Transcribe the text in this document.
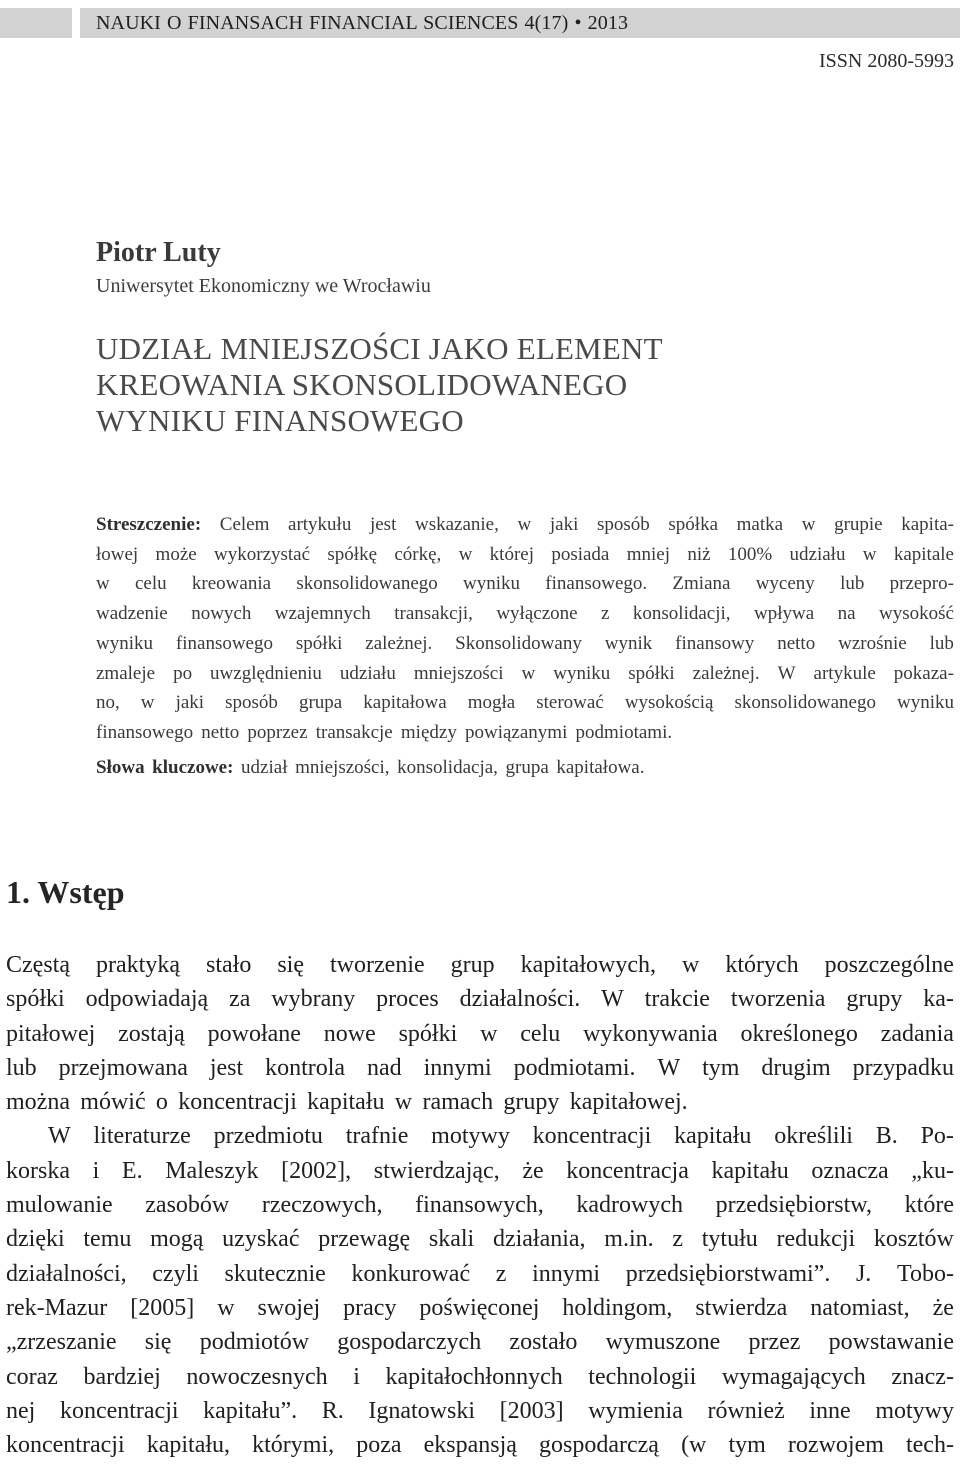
NAUKI O FINANSACH FINANCIAL SCIENCES 4(17) • 2013
ISSN 2080-5993
Piotr Luty
Uniwersytet Ekonomiczny we Wrocławiu
UDZIAŁ MNIEJSZOŚCI JAKO ELEMENT
KREOWANIA SKONSOLIDOWANEGO
WYNIKU FINANSOWEGO
Streszczenie: Celem artykułu jest wskazanie, w jaki sposób spółka matka w grupie kapita-
łowej może wykorzystać spółkę córkę, w której posiada mniej niż 100% udziału w kapitale
w celu kreowania skonsolidowanego wyniku finansowego. Zmiana wyceny lub przepro-
wadzenie nowych wzajemnych transakcji, wyłączone z konsolidacji, wpływa na wysokość
wyniku finansowego spółki zależnej. Skonsolidowany wynik finansowy netto wzrośnie lub
zmaleje po uwzględnieniu udziału mniejszości w wyniku spółki zależnej. W artykule pokaza-
no, w jaki sposób grupa kapitałowa mogła sterować wysokością skonsolidowanego wyniku
finansowego netto poprzez transakcje między powiązanymi podmiotami.
Słowa kluczowe: udział mniejszości, konsolidacja, grupa kapitałowa.
1. Wstęp
Częstą praktyką stało się tworzenie grup kapitałowych, w których poszczególne
spółki odpowiadają za wybrany proces działalności. W trakcie tworzenia grupy ka-
pitałowej zostają powołane nowe spółki w celu wykonywania określonego zadania
lub przejmowana jest kontrola nad innymi podmiotami. W tym drugim przypadku
można mówić o koncentracji kapitału w ramach grupy kapitałowej.
W literaturze przedmiotu trafnie motywy koncentracji kapitału określili B. Po-
korska i E. Maleszyk [2002], stwierdzając, że koncentracja kapitału oznacza „ku-
mulowanie zasobów rzeczowych, finansowych, kadrowych przedsiębiorstw, które
dzięki temu mogą uzyskać przewagę skali działania, m.in. z tytułu redukcji kosztów
działalności, czyli skutecznie konkurować z innymi przedsiębiorstwami”. J. Tobo-
rek-Mazur [2005] w swojej pracy poświęconej holdingom, stwierdza natomiast, że
„zrzeszanie się podmiotów gospodarczych zostało wymuszone przez powstawanie
coraz bardziej nowoczesnych i kapitałochłonnych technologii wymagających znacz-
nej koncentracji kapitału”. R. Ignatowski [2003] wymienia również inne motywy
koncentracji kapitału, którymi, poza ekspansją gospodarczą (w tym rozwojem tech-
